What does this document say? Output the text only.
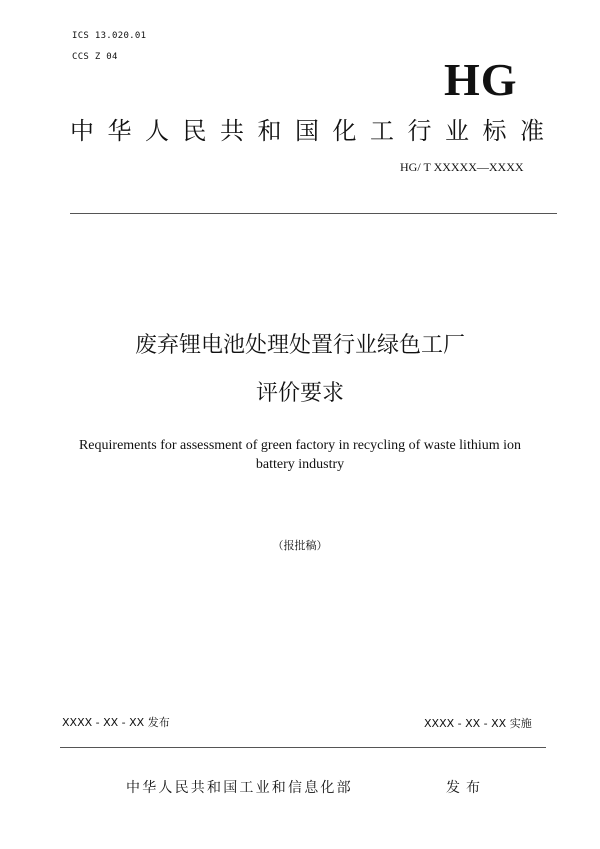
ICS 13.020.01
CCS Z 04	HG
中华人民共和国化工行业标准
HG/ T XXXXX—XXXX
废弃锂电池处理处置行业绿色工厂
评价要求
Requirements for assessment of green factory in recycling of waste lithium ion
battery industry
（报批稿）
XXXX - XX - XX 发布	XXXX - XX - XX 实施
中华人民共和国工业和信息化部	发布
